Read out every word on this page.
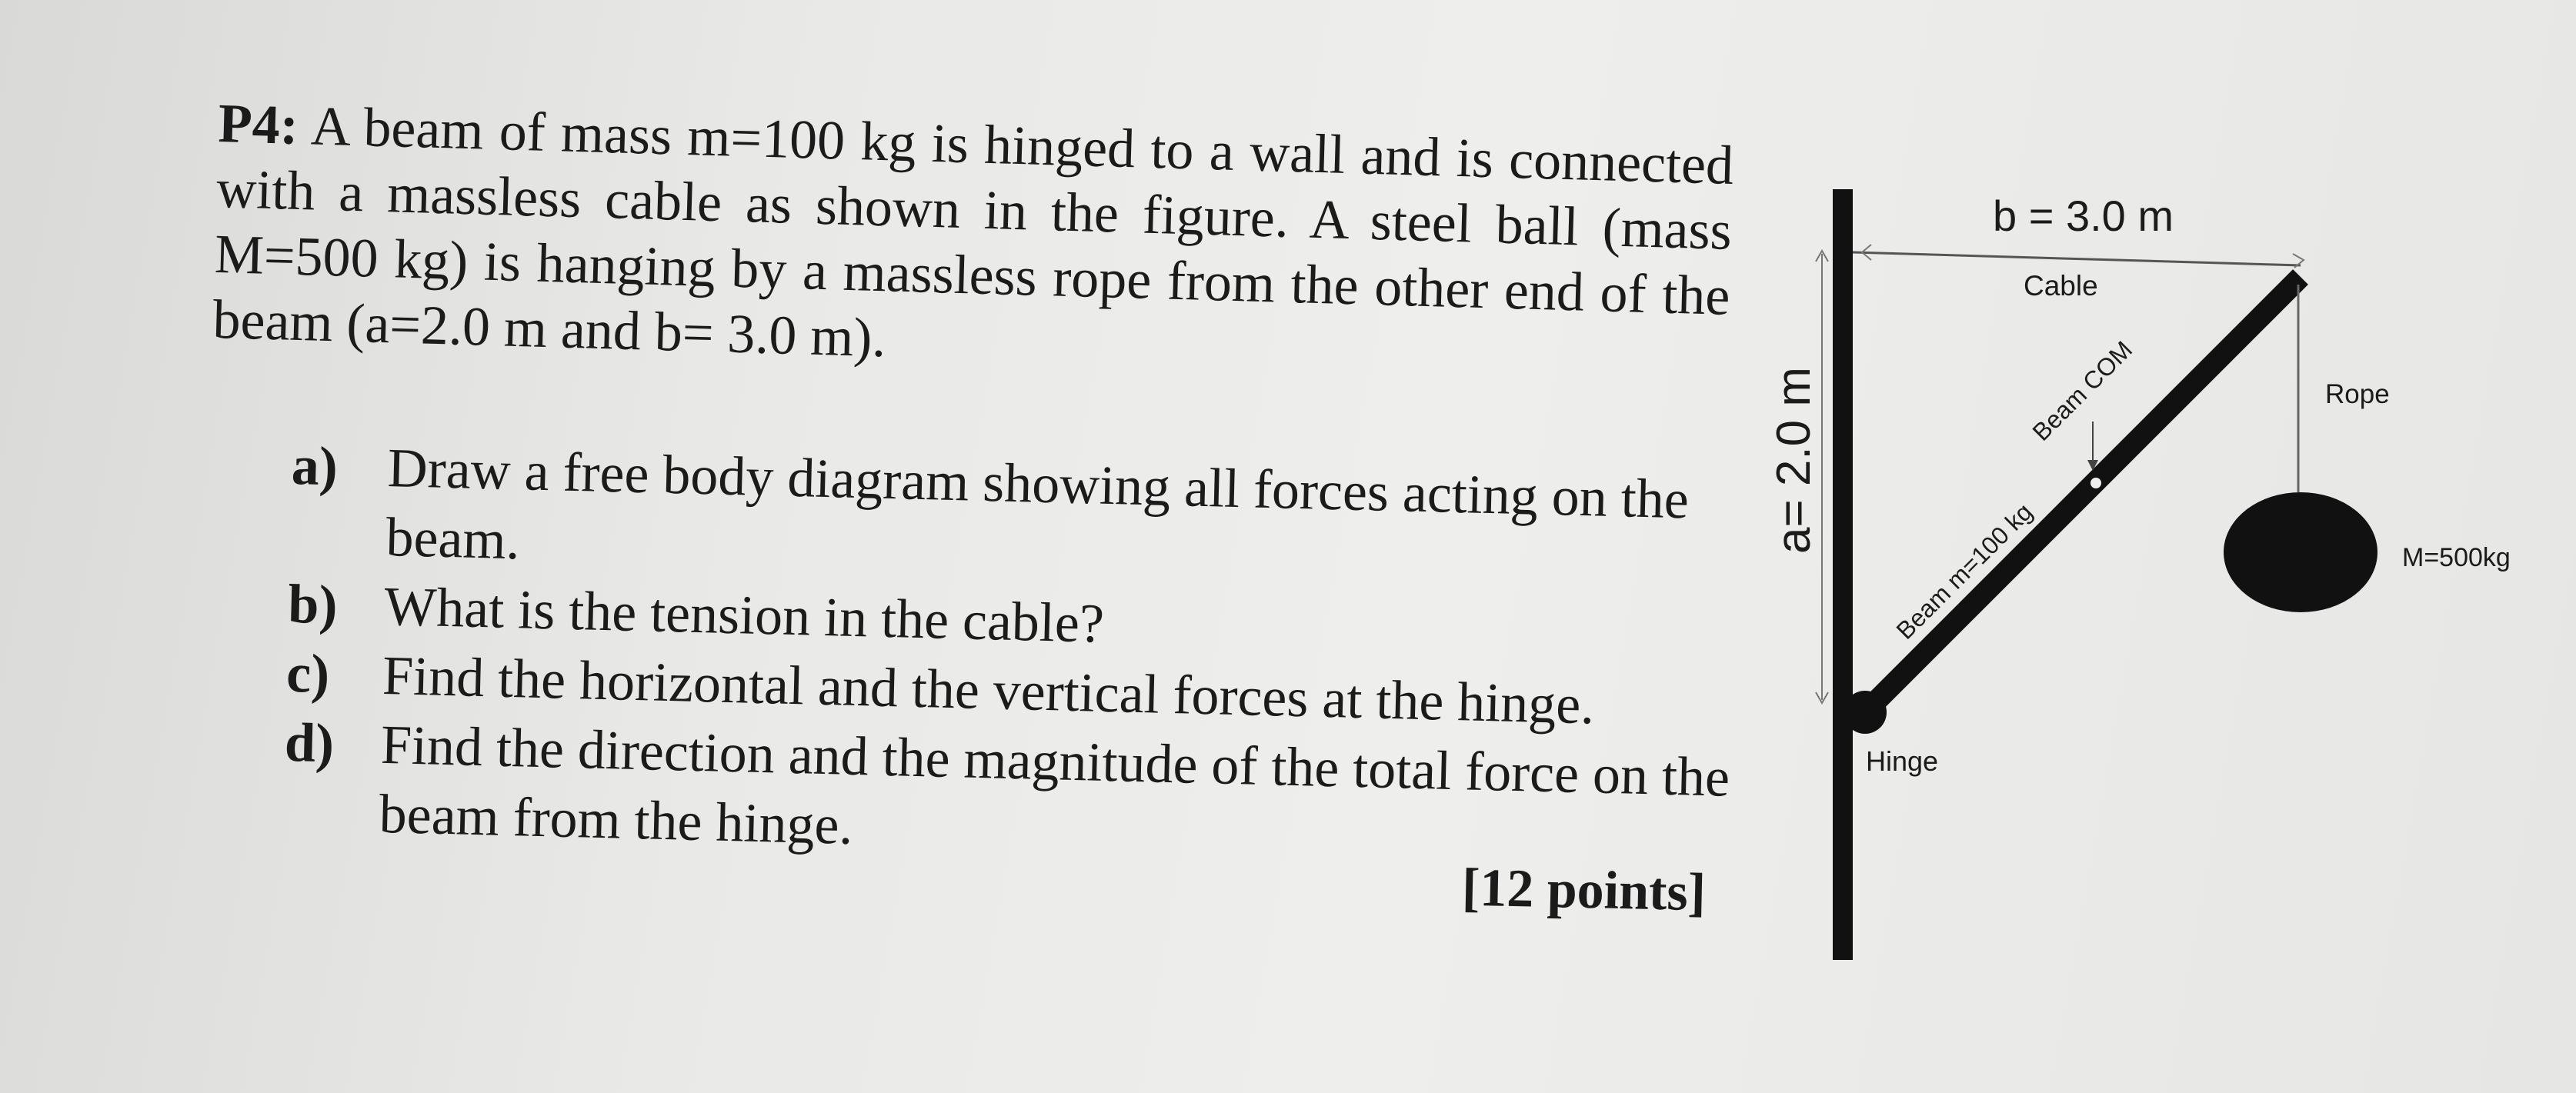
P4: A beam of mass m=100 kg is hinged to a wall and is connected with a massless cable as shown in the figure. A steel ball (mass M=500 kg) is hanging by a massless rope from the other end of the beam (a=2.0 m and b= 3.0 m).
a) Draw a free body diagram showing all forces acting on the beam.
b) What is the tension in the cable?
c) Find the horizontal and the vertical forces at the hinge.
d) Find the direction and the magnitude of the total force on the beam from the hinge.
[12 points]
b = 3.0 m
Cable
a= 2.0 m	Beam COM
Beam m=100 kg
Rope
M=500kg
Hinge
